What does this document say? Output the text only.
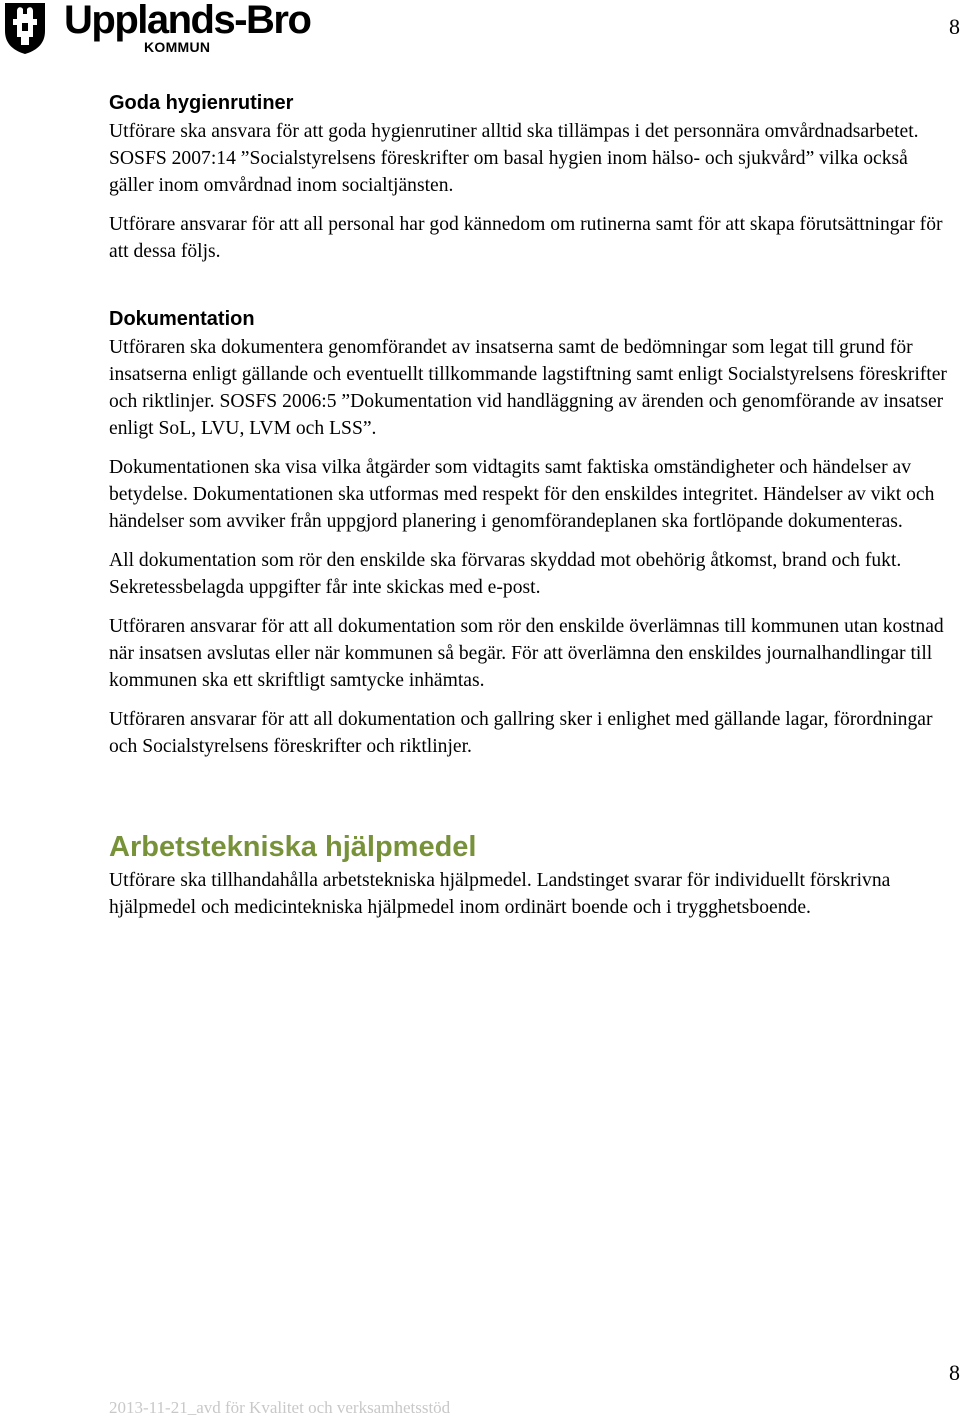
Upplands-Bro
KOMMUN
8
Goda hygienrutiner

Utförare ska ansvara för att goda hygienrutiner alltid ska tillämpas i det personnära omvårdnadsarbetet. SOSFS 2007:14 ”Socialstyrelsens föreskrifter om basal hygien inom hälso- och sjukvård” vilka också gäller inom omvårdnad inom socialtjänsten.

Utförare ansvarar för att all personal har god kännedom om rutinerna samt för att skapa förutsättningar för att dessa följs.

Dokumentation

Utföraren ska dokumentera genomförandet av insatserna samt de bedömningar som legat till grund för insatserna enligt gällande och eventuellt tillkommande lagstiftning samt enligt Socialstyrelsens föreskrifter och riktlinjer. SOSFS 2006:5 ”Dokumentation vid handläggning av ärenden och genomförande av insatser enligt SoL, LVU, LVM och LSS”.

Dokumentationen ska visa vilka åtgärder som vidtagits samt faktiska omständigheter och händelser av betydelse. Dokumentationen ska utformas med respekt för den enskildes integritet. Händelser av vikt och händelser som avviker från uppgjord planering i genomförandeplanen ska fortlöpande dokumenteras.

All dokumentation som rör den enskilde ska förvaras skyddad mot obehörig åtkomst, brand och fukt. Sekretessbelagda uppgifter får inte skickas med e-post.

Utföraren ansvarar för att all dokumentation som rör den enskilde överlämnas till kommunen utan kostnad när insatsen avslutas eller när kommunen så begär. För att överlämna den enskildes journalhandlingar till kommunen ska ett skriftligt samtycke inhämtas.

Utföraren ansvarar för att all dokumentation och gallring sker i enlighet med gällande lagar, förordningar och Socialstyrelsens föreskrifter och riktlinjer.

Arbetstekniska hjälpmedel

Utförare ska tillhandahålla arbetstekniska hjälpmedel. Landstinget svarar för individuellt förskrivna hjälpmedel och medicintekniska hjälpmedel inom ordinärt boende och i trygghetsboende.

8
2013-11-21_avd för Kvalitet och verksamhetsstöd
